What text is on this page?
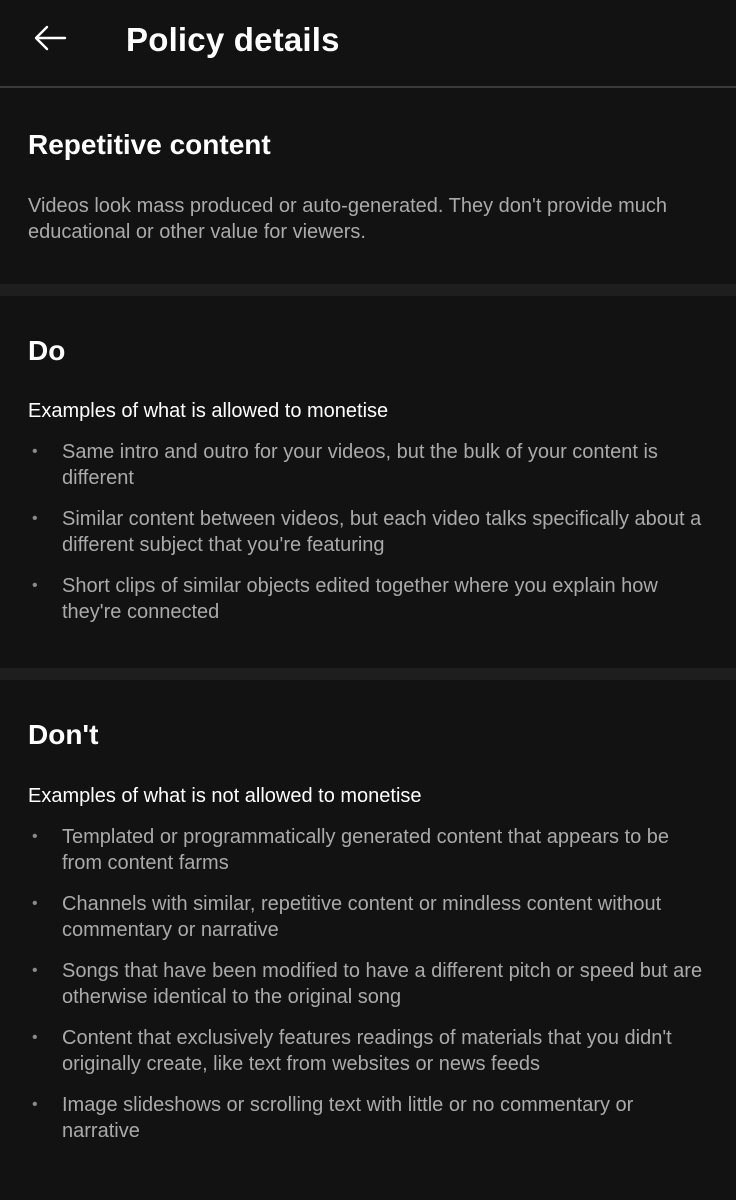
Policy details
Repetitive content
Videos look mass produced or auto-generated. They don't provide much educational or other value for viewers.
Do
Examples of what is allowed to monetise
•	Same intro and outro for your videos, but the bulk of your content is different
•	Similar content between videos, but each video talks specifically about a different subject that you're featuring
•	Short clips of similar objects edited together where you explain how they're connected
Don't
Examples of what is not allowed to monetise
•	Templated or programmatically generated content that appears to be from content farms
•	Channels with similar, repetitive content or mindless content without commentary or narrative
•	Songs that have been modified to have a different pitch or speed but are otherwise identical to the original song
•	Content that exclusively features readings of materials that you didn't originally create, like text from websites or news feeds
•	Image slideshows or scrolling text with little or no commentary or narrative
